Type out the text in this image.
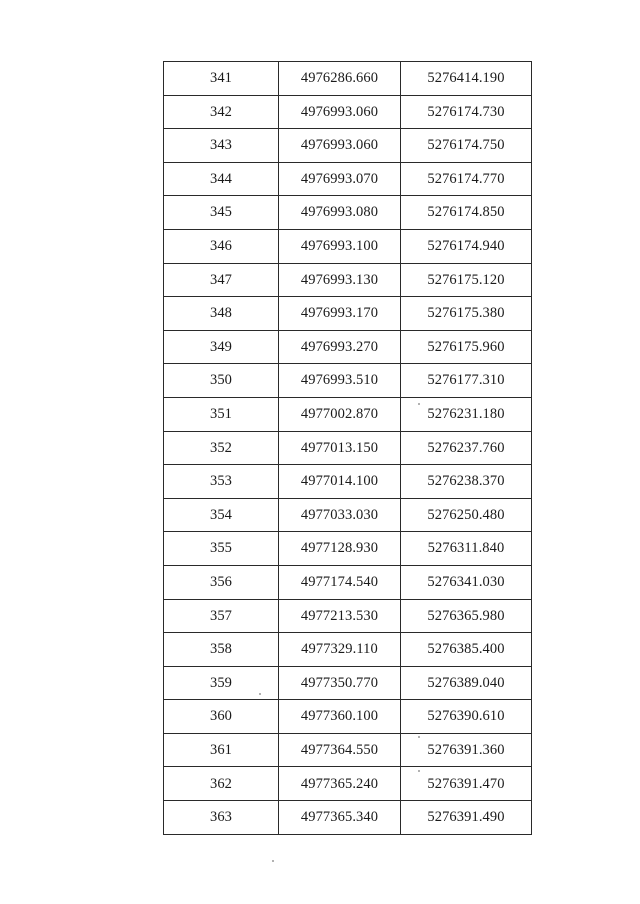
341	4976286.660	5276414.190
342	4976993.060	5276174.730
343	4976993.060	5276174.750
344	4976993.070	5276174.770
345	4976993.080	5276174.850
346	4976993.100	5276174.940
347	4976993.130	5276175.120
348	4976993.170	5276175.380
349	4976993.270	5276175.960
350	4976993.510	5276177.310
351	4977002.870	5276231.180
352	4977013.150	5276237.760
353	4977014.100	5276238.370
354	4977033.030	5276250.480
355	4977128.930	5276311.840
356	4977174.540	5276341.030
357	4977213.530	5276365.980
358	4977329.110	5276385.400
359	4977350.770	5276389.040
360	4977360.100	5276390.610
361	4977364.550	5276391.360
362	4977365.240	5276391.470
363	4977365.340	5276391.490
